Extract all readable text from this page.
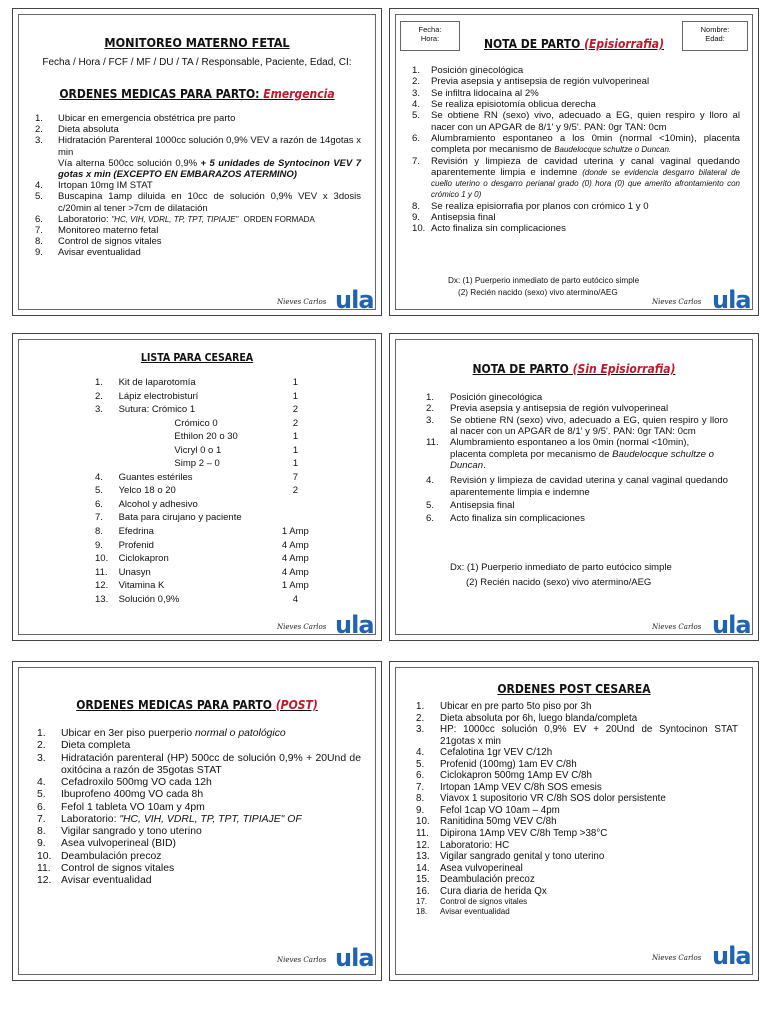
MONITOREO MATERNO FETAL
Fecha / Hora / FCF / MF / DU / TA / Responsable, Paciente, Edad, CI:
ORDENES MEDICAS PARA PARTO: Emergencia
1.	Ubicar en emergencia obstétrica pre parto
2.	Dieta absoluta
3.	Hidratación Parenteral 1000cc solución 0,9% VEV a razón de 14gotas x min
Vía alterna 500cc solución 0,9% + 5 unidades de Syntocinon VEV 7 gotas x min (EXCEPTO EN EMBARAZOS ATERMINO)
4.	Irtopan 10mg IM STAT
5.	Buscapina 1amp diluida en 10cc de solución 0,9% VEV x 3dosis c/20min al tener >7cm de dilatación
6.	Laboratorio: "HC, VIH, VDRL, TP, TPT, TIPIAJE" ORDEN FORMADA
7.	Monitoreo materno fetal
8.	Control de signos vitales
9.	Avisar eventualidad
Nieves Carlos ula
Fecha:
Hora:
Nombre:
Edad:
NOTA DE PARTO (Episiorrafia)
1.	Posición ginecológica
2.	Previa asepsia y antisepsia de región vulvoperineal
3.	Se infiltra lidocaína al 2%
4.	Se realiza episiotomía oblicua derecha
5.	Se obtiene RN (sexo) vivo, adecuado a EG, quien respiro y lloro al nacer con un APGAR de 8/1' y 9/5'. PAN: 0gr TAN: 0cm
6.	Alumbramiento espontaneo a los 0min (normal <10min), placenta completa por mecanismo de Baudelocque schultze o Duncan.
7.	Revisión y limpieza de cavidad uterina y canal vaginal quedando aparentemente limpia e indemne (donde se evidencia desgarro bilateral de cuello uterino o desgarro perianal grado (0) hora (0) que amerito afrontamiento con crómico 1 y 0)
8.	Se realiza episiorrafia por planos con crómico 1 y 0
9.	Antisepsia final
10. Acto finaliza sin complicaciones
Dx: (1) Puerperio inmediato de parto eutócico simple
(2) Recién nacido (sexo) vivo atermino/AEG
Nieves Carlos ula
LISTA PARA CESAREA
1.	Kit de laparotomía	1
2.	Lápiz electrobisturí	1
3.	Sutura: Crómico 1	2
Crómico 0	2
Ethilon 20 o 30	1
Vicryl 0 o 1	1
Simp 2 – 0	1
4.	Guantes estériles	7
5.	Yelco 18 o 20	2
6.	Alcohol y adhesivo
7.	Bata para cirujano y paciente
8.	Efedrina	1 Amp
9.	Profenid	4 Amp
10.	Ciclokapron	4 Amp
11.	Unasyn	4 Amp
12.	Vitamina K	1 Amp
13.	Solución 0,9%	4
Nieves Carlos ula
NOTA DE PARTO (Sin Episiorrafia)
1.	Posición ginecológica
2.	Previa asepsia y antisepsia de región vulvoperineal
3.	Se obtiene RN (sexo) vivo, adecuado a EG, quien respiro y lloro al nacer con un APGAR de 8/1' y 9/5'. PAN: 0gr TAN: 0cm
11.	Alumbramiento espontaneo a los 0min (normal <10min), placenta completa por mecanismo de Baudelocque schultze o Duncan.
4.	Revisión y limpieza de cavidad uterina y canal vaginal quedando aparentemente limpia e indemne
5.	Antisepsia final
6.	Acto finaliza sin complicaciones
Dx: (1) Puerperio inmediato de parto eutócico simple
(2) Recién nacido (sexo) vivo atermino/AEG
Nieves Carlos ula
ORDENES MEDICAS PARA PARTO (POST)
1.	Ubicar en 3er piso puerperio normal o patológico
2.	Dieta completa
3.	Hidratación parenteral (HP) 500cc de solución 0,9% + 20Und de oxitócina a razón de 35gotas STAT
4.	Cefadroxilo 500mg VO cada 12h
5.	Ibuprofeno 400mg VO cada 8h
6.	Fefol 1 tableta VO 10am y 4pm
7.	Laboratorio: "HC, VIH, VDRL, TP, TPT, TIPIAJE" OF
8.	Vigilar sangrado y tono uterino
9.	Asea vulvoperineal (BID)
10. Deambulación precoz
11. Control de signos vitales
12. Avisar eventualidad
Nieves Carlos ula
ORDENES POST CESAREA
1.	Ubicar en pre parto 5to piso por 3h
2.	Dieta absoluta por 6h, luego blanda/completa
3.	HP: 1000cc solución 0,9% EV + 20Und de Syntocinon STAT 21gotas x min
4.	Cefalotina 1gr VEV C/12h
5.	Profenid (100mg) 1am EV C/8h
6.	Ciclokapron 500mg 1Amp EV C/8h
7.	Irtopan 1Amp VEV C/8h SOS emesis
8.	Viavox 1 supositorio VR C/8h SOS dolor persistente
9.	Fefol 1cap VO 10am – 4pm
10.	Ranitidina 50mg VEV C/8h
11.	Dipirona 1Amp VEV C/8h Temp >38°C
12.	Laboratorio: HC
13.	Vigilar sangrado genital y tono uterino
14.	Asea vulvoperineal
15.	Deambulación precoz
16.	Cura diaria de herida Qx
17.	Control de signos vitales
18.	Avisar eventualidad
Nieves Carlos ula
